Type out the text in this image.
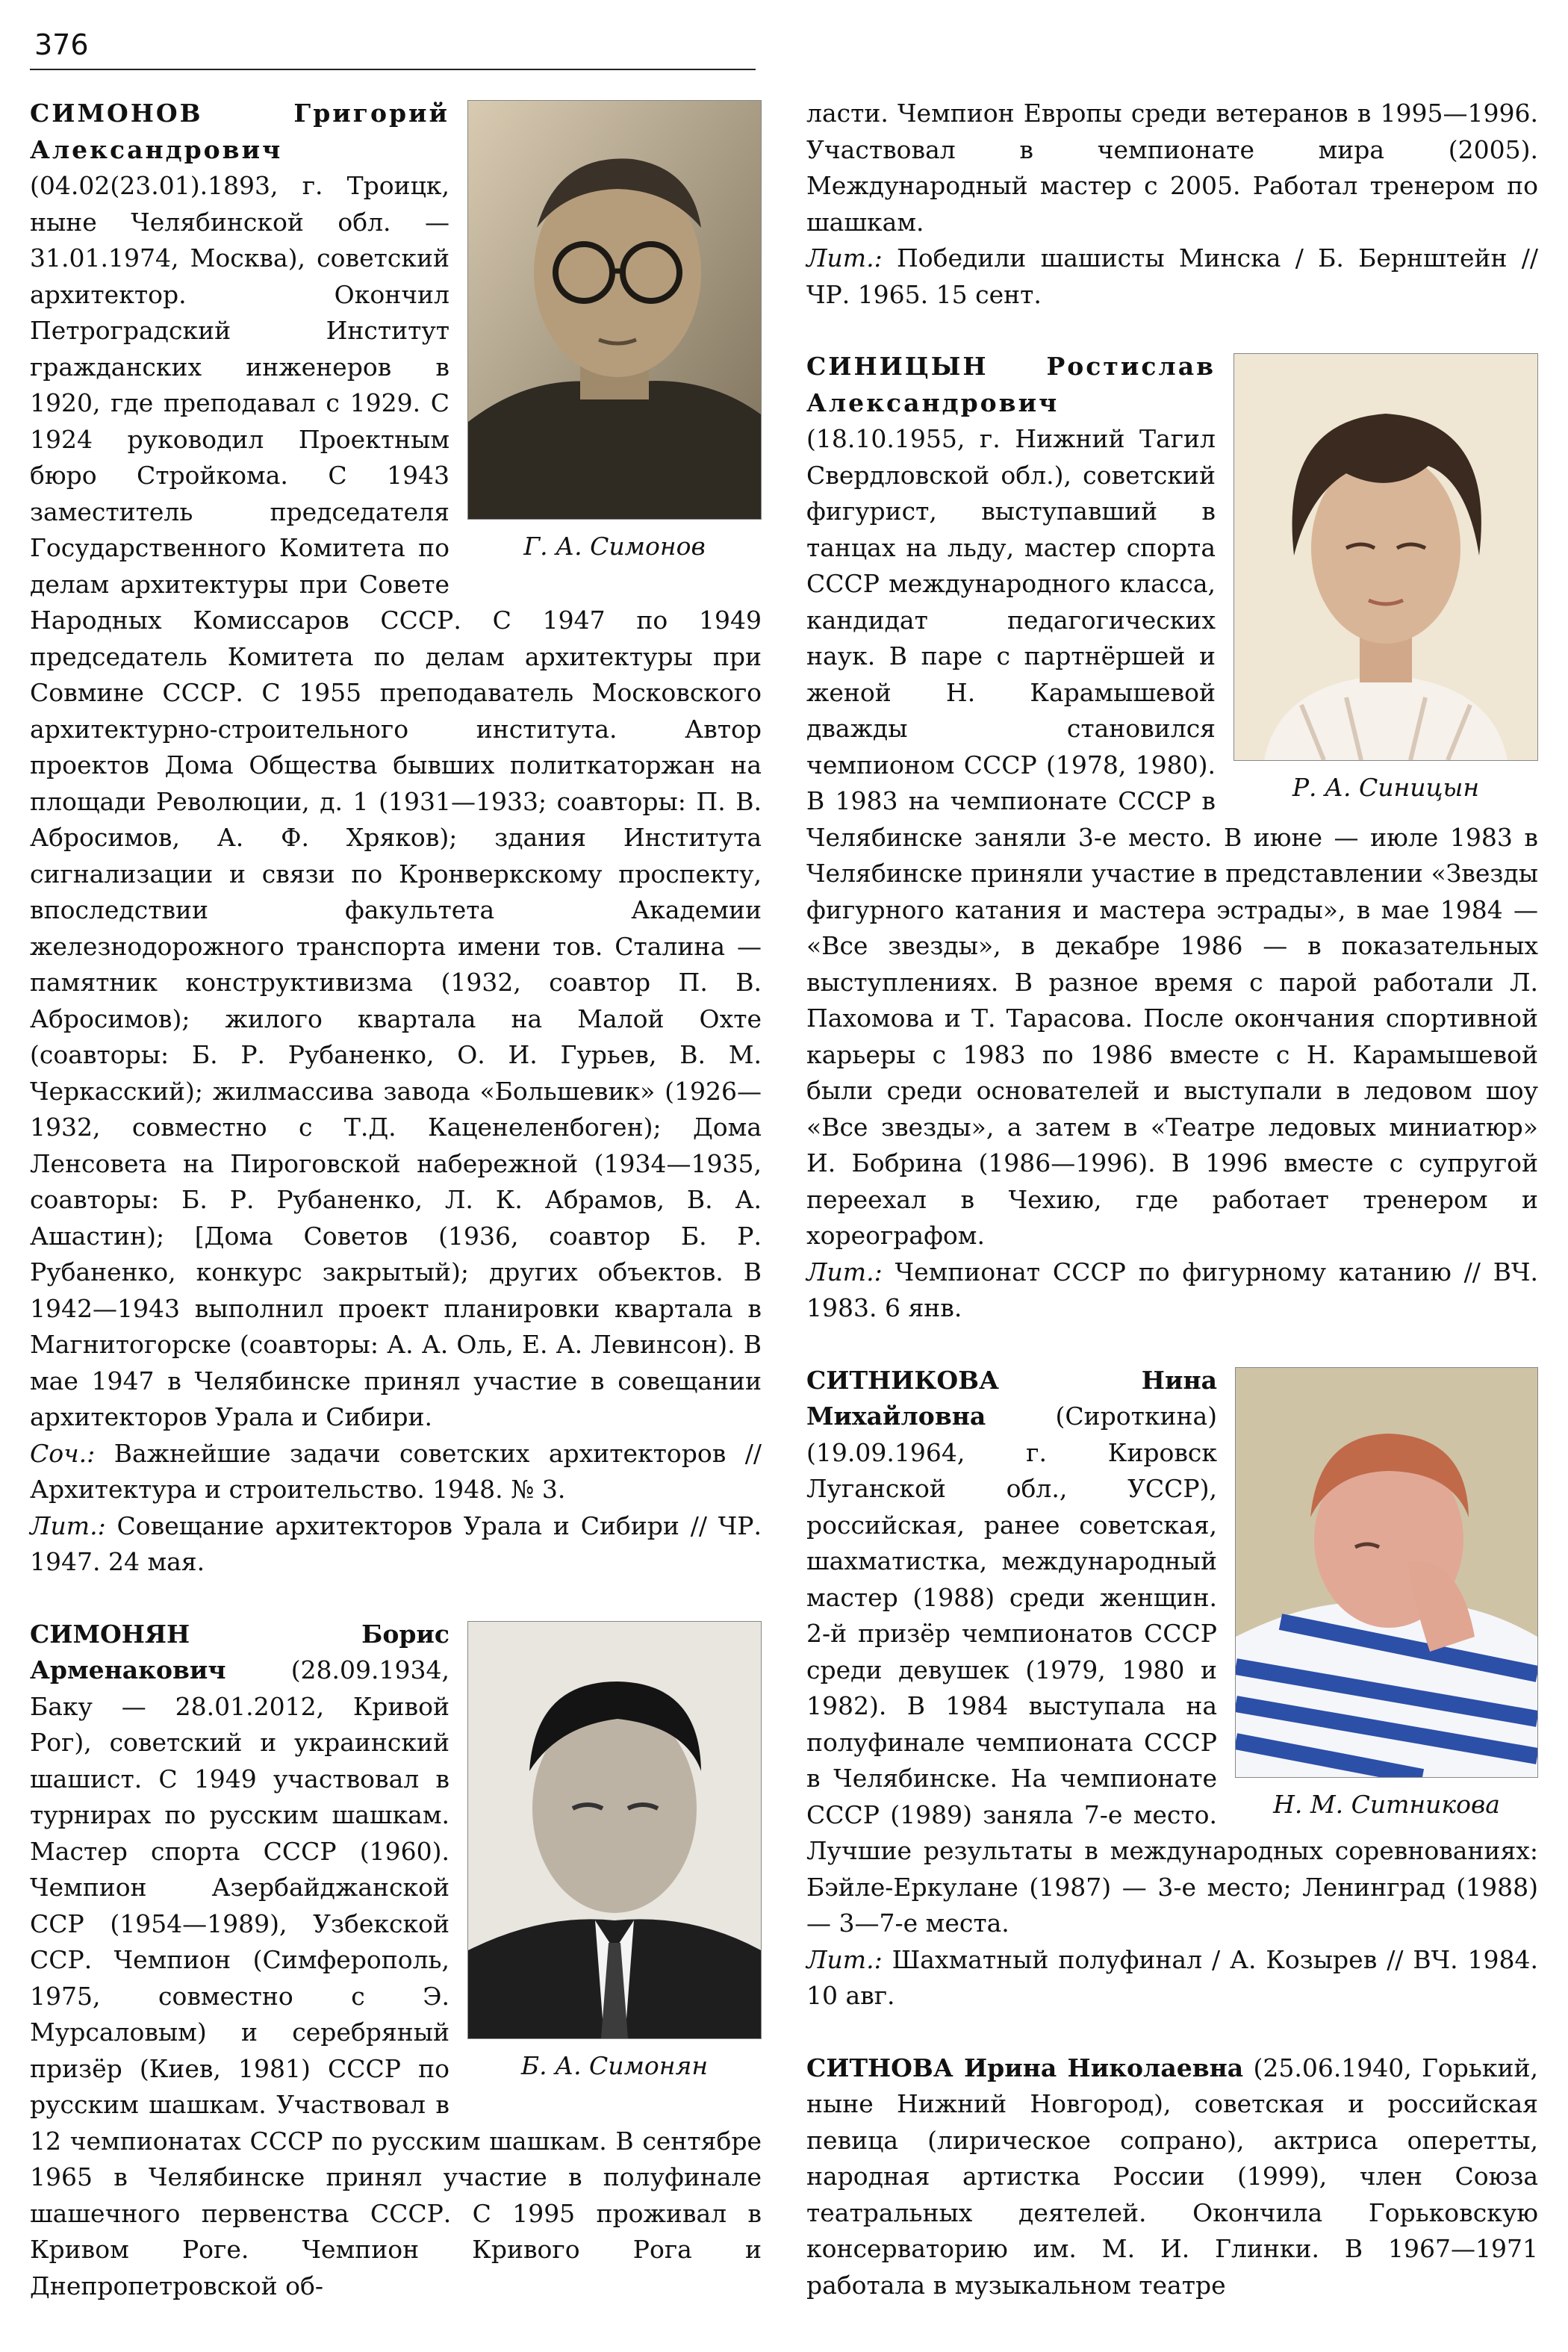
376
Г. А. Симонов

СИМОНОВ	Григорий Александрович (04.02(23.01).1893, г. Троицк, ныне Челябинской обл. — 31.01.1974, Москва), советский архитектор. Окончил Петроградский Институт гражданских инженеров в 1920, где преподавал с 1929. С 1924 руководил Проектным бюро Стройкома. С 1943 заместитель председателя Государственного Комитета по делам архитектуры при Совете Народных Комиссаров СССР. С 1947 по 1949 председатель Комитета по делам архитектуры при Совмине СССР. С 1955 преподаватель Московского архитектурно-строительного института. Автор проектов Дома Общества бывших политкаторжан на площади Революции, д. 1 (1931—1933; соавторы: П. В. Абросимов, А. Ф. Хряков); здания Института сигнализации и связи по Кронверкскому проспекту, впоследствии факультета Академии железнодорожного транспорта имени тов. Сталина — памятник конструктивизма (1932, соавтор П. В. Абросимов); жилого квартала на Малой Охте (соавторы: Б. Р. Рубаненко, О. И. Гурьев, В. М. Черкасский); жилмассива завода «Большевик» (1926—1932, совместно с Т.Д. Каценеленбоген); Дома Ленсовета на Пироговской набережной (1934—1935, соавторы: Б. Р. Рубаненко, Л. К. Абрамов, В. А. Ашастин); [Дома Советов (1936, соавтор Б. Р. Рубаненко, конкурс закрытый); других объектов. В 1942—1943 выполнил проект планировки квартала в Магнитогорске (соавторы: А. А. Оль, Е. А. Левинсон). В мае 1947 в Челябинске принял участие в совещании архитекторов Урала и Сибири.

Соч.: Важнейшие задачи советских архитекторов // Архитектура и строительство. 1948. № 3.

Лит.: Совещание архитекторов Урала и Сибири // ЧР. 1947. 24 мая.

Б. А. Симонян

СИМОНЯН	Борис Арменакович	(28.09.1934, Баку — 28.01.2012, Кривой Рог), советский и украинский шашист. С 1949 участвовал в турнирах по русским шашкам. Мастер спорта СССР (1960). Чемпион Азербайджанской ССР (1954—1989), Узбекской ССР. Чемпион (Симферополь, 1975, совместно с Э. Мурсаловым) и серебряный призёр (Киев, 1981) СССР по русским шашкам. Участвовал в 12 чемпионатах СССР по русским шашкам. В сентябре 1965 в Челябинске принял участие в полуфинале шашечного первенства СССР. С 1995 проживал в Кривом Роге. Чемпион Кривого Рога и Днепропетровской об-

ласти. Чемпион Европы среди ветеранов в 1995—1996. Участвовал в чемпионате мира (2005). Международный мастер с 2005. Работал тренером по шашкам.

Лит.: Победили шашисты Минска / Б. Бернштейн // ЧР. 1965. 15 сент.

Р. А. Синицын

СИНИЦЫН Ростислав Александрович (18.10.1955, г. Нижний Тагил Свердловской обл.), советский фигурист, выступавший в танцах на льду, мастер спорта СССР международного класса, кандидат педагогических наук. В паре с партнёршей и женой Н. Карамышевой дважды становился чемпионом СССР (1978, 1980). В 1983 на чемпионате СССР в Челябинске заняли 3-е место. В июне — июле 1983 в Челябинске приняли участие в представлении «Звезды фигурного катания и мастера эстрады», в мае 1984 — «Все звезды», в декабре 1986 — в показательных выступлениях. В разное время с парой работали Л. Пахомова и Т. Тарасова. После окончания спортивной карьеры с 1983 по 1986 вместе с Н. Карамышевой были среди основателей и выступали в ледовом шоу «Все звезды», а затем в «Театре ледовых миниатюр» И. Бобрина (1986—1996). В 1996 вместе с супругой переехал в Чехию, где работает тренером и хореографом.

Лит.: Чемпионат СССР по фигурному катанию // ВЧ. 1983. 6 янв.

Н. М. Ситникова

СИТНИКОВА	Нина Михайловна	(Сироткина) (19.09.1964, г. Кировск Луганской обл., УССР), российская, ранее советская, шахматистка, международный мастер (1988) среди женщин. 2-й призёр чемпионатов СССР среди девушек (1979, 1980 и 1982). В 1984 выступала на полуфинале чемпионата СССР в Челябинске. На чемпионате СССР (1989) заняла 7-е место. Лучшие результаты в международных соревнованиях: Бэйле-Еркулане (1987) — 3-е место; Ленинград (1988) — 3—7-е места.

Лит.: Шахматный полуфинал / А. Козырев // ВЧ. 1984. 10 авг.

СИТНОВА Ирина Николаевна (25.06.1940, Горький, ныне Нижний Новгород), советская и российская певица (лирическое сопрано), актриса оперетты, народная артистка России (1999), член Союза театральных деятелей. Окончила Горьковскую консерваторию им. М. И. Глинки. В 1967—1971 работала в музыкальном театре
